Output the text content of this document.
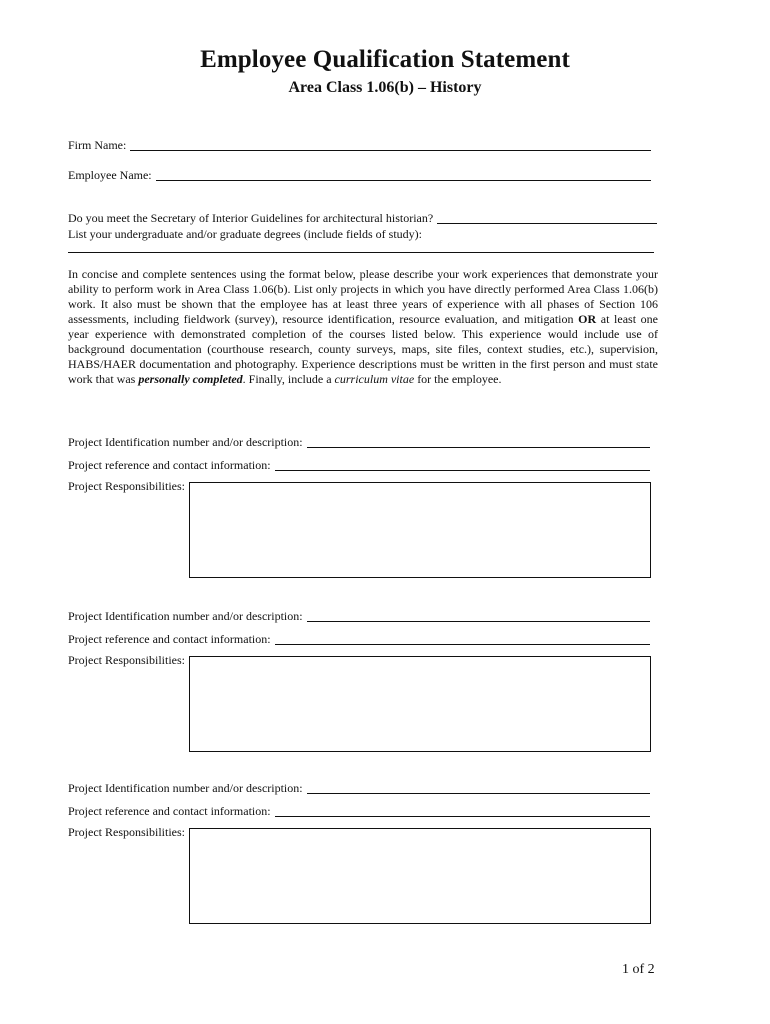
Employee Qualification Statement
Area Class 1.06(b) – History
Firm Name:
Employee Name:
Do you meet the Secretary of Interior Guidelines for architectural historian?
List your undergraduate and/or graduate degrees (include fields of study):
In concise and complete sentences using the format below, please describe your work experiences that demonstrate your ability to perform work in Area Class 1.06(b). List only projects in which you have directly performed Area Class 1.06(b) work. It also must be shown that the employee has at least three years of experience with all phases of Section 106 assessments, including fieldwork (survey), resource identification, resource evaluation, and mitigation OR at least one year experience with demonstrated completion of the courses listed below. This experience would include use of background documentation (courthouse research, county surveys, maps, site files, context studies, etc.), supervision, HABS/HAER documentation and photography. Experience descriptions must be written in the first person and must state work that was personally completed. Finally, include a curriculum vitae for the employee.
Project Identification number and/or description:
Project reference and contact information:
Project Responsibilities:
Project Identification number and/or description:
Project reference and contact information:
Project Responsibilities:
Project Identification number and/or description:
Project reference and contact information:
Project Responsibilities:
1 of 2
